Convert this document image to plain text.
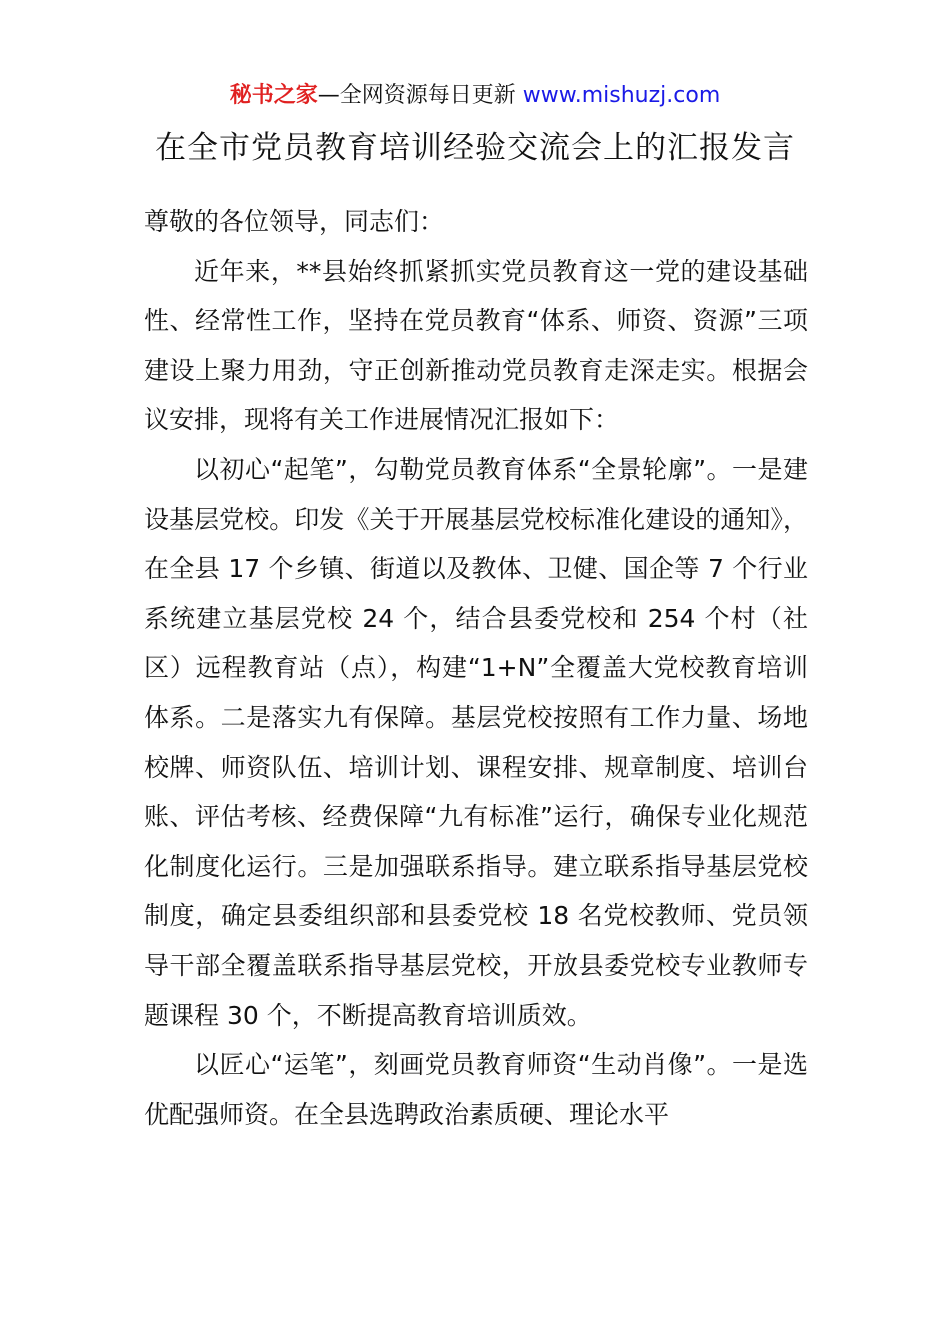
秘书之家—全网资源每日更新 www.mishuzj.com
在全市党员教育培训经验交流会上的汇报发言

尊敬的各位领导，同志们：

近年来，**县始终抓紧抓实党员教育这一党的建设基础性、经常性工作，坚持在党员教育“体系、师资、资源”三项建设上聚力用劲，守正创新推动党员教育走深走实。根据会议安排，现将有关工作进展情况汇报如下：

以初心“起笔”，勾勒党员教育体系“全景轮廓”。一是建设基层党校。印发《关于开展基层党校标准化建设的通知》，在全县 17 个乡镇、街道以及教体、卫健、国企等 7 个行业系统建立基层党校 24 个，结合县委党校和 254 个村（社区）远程教育站（点），构建“1+N”全覆盖大党校教育培训体系。二是落实九有保障。基层党校按照有工作力量、场地校牌、师资队伍、培训计划、课程安排、规章制度、培训台账、评估考核、经费保障“九有标准”运行，确保专业化规范化制度化运行。三是加强联系指导。建立联系指导基层党校制度，确定县委组织部和县委党校 18 名党校教师、党员领导干部全覆盖联系指导基层党校，开放县委党校专业教师专题课程 30 个，不断提高教育培训质效。

以匠心“运笔”，刻画党员教育师资“生动肖像”。一是选优配强师资。在全县选聘政治素质硬、理论水平
